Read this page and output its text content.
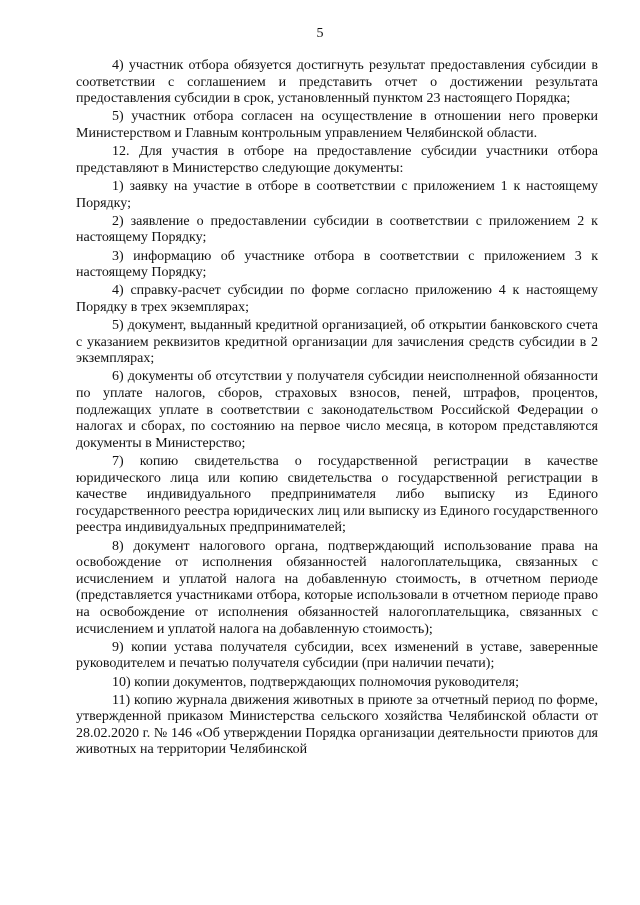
5

4) участник отбора обязуется достигнуть результат предоставления субсидии в соответствии с соглашением и представить отчет о достижении результата предоставления субсидии в срок, установленный пунктом 23 настоящего Порядка;

5) участник отбора согласен на осуществление в отношении него проверки Министерством и Главным контрольным управлением Челябинской области.

12. Для участия в отборе на предоставление субсидии участники отбора представляют в Министерство следующие документы:

1) заявку на участие в отборе в соответствии с приложением 1 к настоящему Порядку;

2) заявление о предоставлении субсидии в соответствии с приложением 2 к настоящему Порядку;

3) информацию об участнике отбора в соответствии с приложением 3 к настоящему Порядку;

4) справку-расчет субсидии по форме согласно приложению 4 к настоящему Порядку в трех экземплярах;

5) документ, выданный кредитной организацией, об открытии банковского счета с указанием реквизитов кредитной организации для зачисления средств субсидии в 2 экземплярах;

6) документы об отсутствии у получателя субсидии неисполненной обязанности по уплате налогов, сборов, страховых взносов, пеней, штрафов, процентов, подлежащих уплате в соответствии с законодательством Российской Федерации о налогах и сборах, по состоянию на первое число месяца, в котором представляются документы в Министерство;

7) копию свидетельства о государственной регистрации в качестве юридического лица или копию свидетельства о государственной регистрации в качестве индивидуального предпринимателя либо выписку из Единого государственного реестра юридических лиц или выписку из Единого государственного реестра индивидуальных предпринимателей;

8) документ налогового органа, подтверждающий использование права на освобождение от исполнения обязанностей налогоплательщика, связанных с исчислением и уплатой налога на добавленную стоимость, в отчетном периоде (представляется участниками отбора, которые использовали в отчетном периоде право на освобождение от исполнения обязанностей налогоплательщика, связанных с исчислением и уплатой налога на добавленную стоимость);

9) копии устава получателя субсидии, всех изменений в уставе, заверенные руководителем и печатью получателя субсидии (при наличии печати);

10) копии документов, подтверждающих полномочия руководителя;

11) копию журнала движения животных в приюте за отчетный период по форме, утвержденной приказом Министерства сельского хозяйства Челябинской области от 28.02.2020 г. № 146 «Об утверждении Порядка организации деятельности приютов для животных на территории Челябинской
